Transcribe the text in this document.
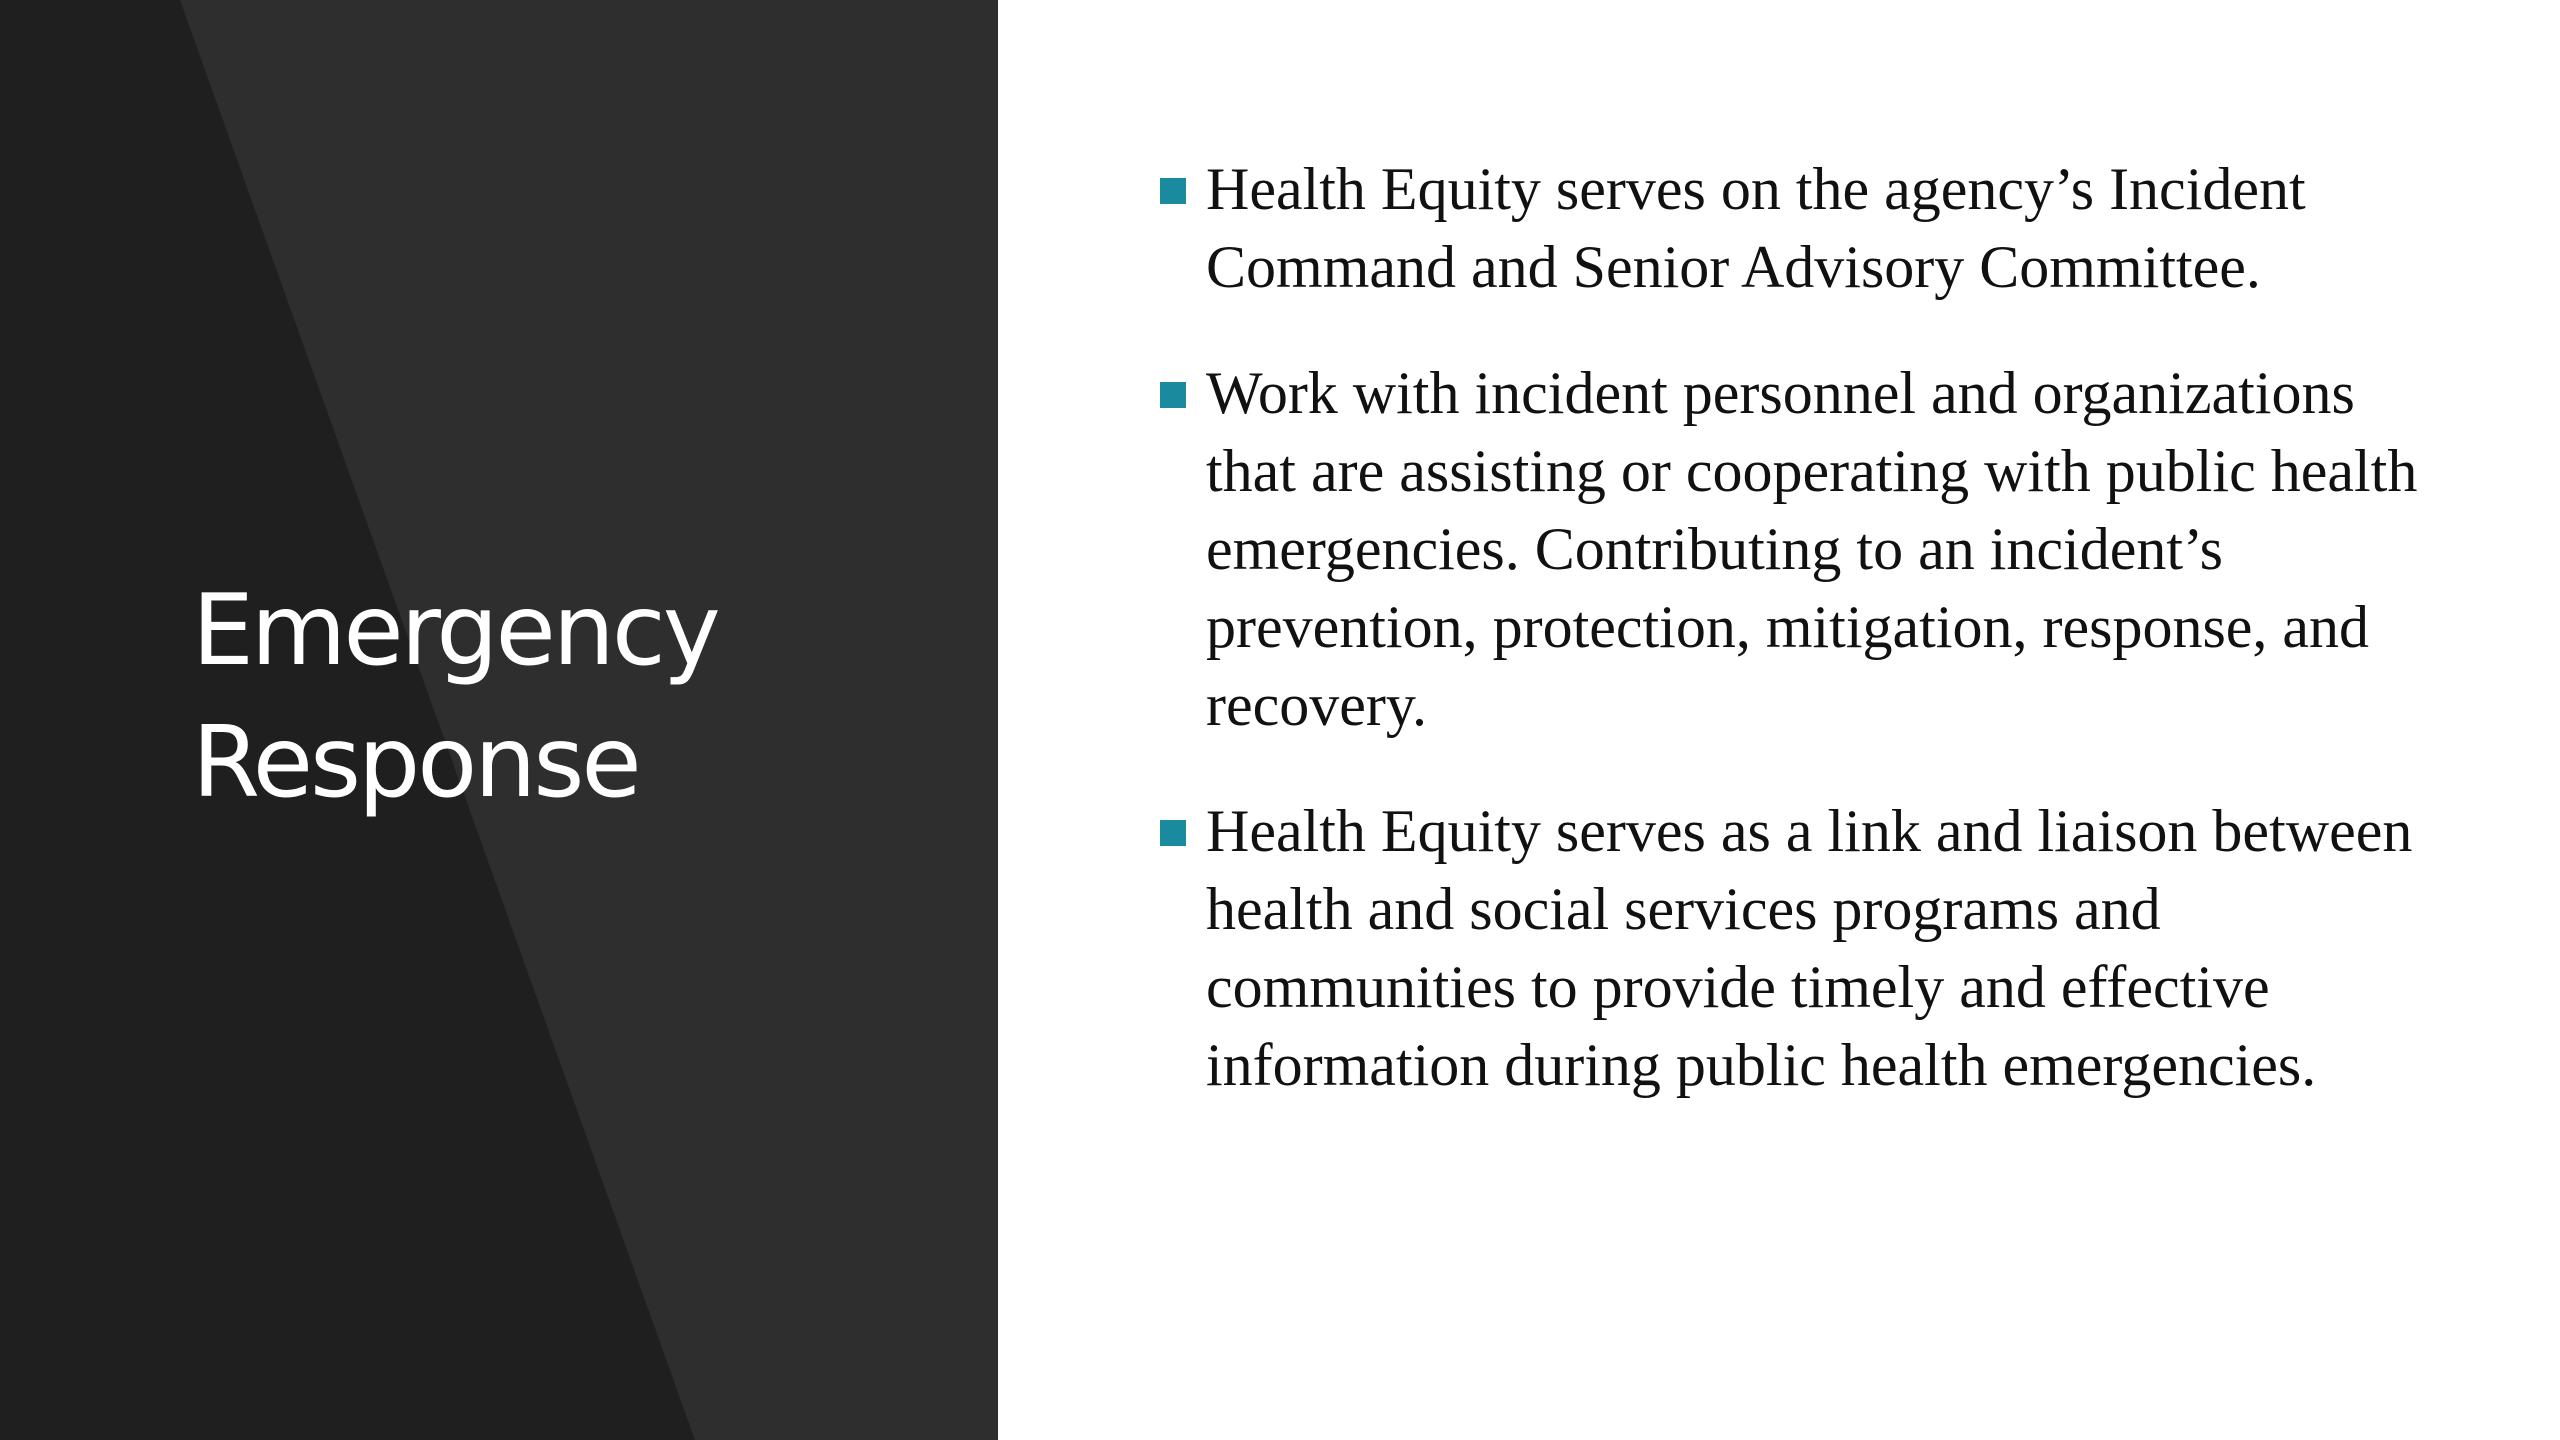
Emergency Response
Health Equity serves on the agency’s Incident Command and Senior Advisory Committee.
Work with incident personnel and organizations that are assisting or cooperating with public health emergencies. Contributing to an incident’s prevention, protection, mitigation, response, and recovery.
Health Equity serves as a link and liaison between health and social services programs and communities to provide timely and effective information during public health emergencies.
